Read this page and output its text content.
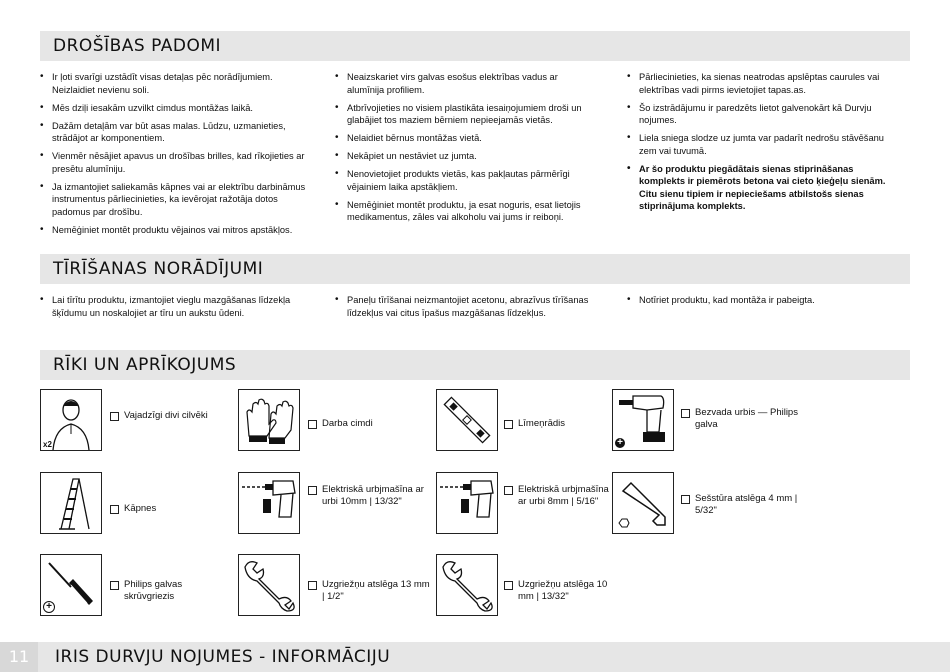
DROŠĪBAS PADOMI
• Ir ļoti svarīgi uzstādīt visas detaļas pēc norādījumiem. Neizlaidiet nevienu soli.
• Mēs dziļi iesakām uzvilkt cimdus montāžas laikā.
• Dažām detaļām var būt asas malas. Lūdzu, uzmanieties, strādājot ar komponentiem.
• Vienmēr nēsājiet apavus un drošības brilles, kad rīkojieties ar presētu alumīniju.
• Ja izmantojiet saliekamās kāpnes vai ar elektrību darbināmus instrumentus pārliecinieties, ka ievērojat ražotāja dotos padomus par drošību.
• Nemēģiniet montēt produktu vējainos vai mitros apstākļos.
• Neaizskariet virs galvas esošus elektrības vadus ar alumīnija profiliem.
• Atbrīvojieties no visiem plastikāta iesaiņojumiem droši un glabājiet tos maziem bērniem nepieejamās vietās.
• Nelaidiet bērnus montāžas vietā.
• Nekāpiet un nestāviet uz jumta.
• Nenovietojiet produkts vietās, kas pakļautas pārmērīgi vējainiem laika apstākļiem.
• Nemēģiniet montēt produktu, ja esat noguris, esat lietojis medikamentus, zāles vai alkoholu vai jums ir reiboņi.
• Pārliecinieties, ka sienas neatrodas apslēptas caurules vai elektrības vadi pirms ievietojiet tapas.as.
• Šo izstrādājumu ir paredzēts lietot galvenokārt kā Durvju nojumes.
• Liela sniega slodze uz jumta var padarīt nedrošu stāvēšanu zem vai tuvumā.
• Ar šo produktu piegādātais sienas stiprināšanas komplekts ir piemērots betona vai cieto ķieģeļu sienām. Citu sienu tipiem ir nepieciešams atbilstošs sienas stiprinājuma komplekts.
TĪRĪŠANAS NORĀDĪJUMI
• Lai tīrītu produktu, izmantojiet vieglu mazgāšanas līdzekļa šķīdumu un noskalojiet ar tīru un aukstu ūdeni.
• Paneļu tīrīšanai neizmantojiet acetonu, abrazīvus tīrīšanas līdzekļus vai citus īpašus mazgāšanas līdzekļus.
• Notīriet produktu, kad montāža ir pabeigta.
RĪKI UN APRĪKOJUMS
x2
Vajadzīgi divi cilvēki
Darba cimdi	Līmeņrādis
+
Bezvada urbis — Philips galva
Kāpnes
Elektriskā urbjmašīna ar urbi 10mm | 13/32"
Elektriskā urbjmašīna ar urbi 8mm | 5/16"	Sešstūra atslēga 4 mm | 5/32"
+
Philips galvas skrūvgriezis
Uzgriežņu atslēga 13 mm | 1/2"
Uzgriežņu atslēga 10 mm | 13/32"
11	IRIS DURVJU NOJUMES - INFORMĀCIJU
